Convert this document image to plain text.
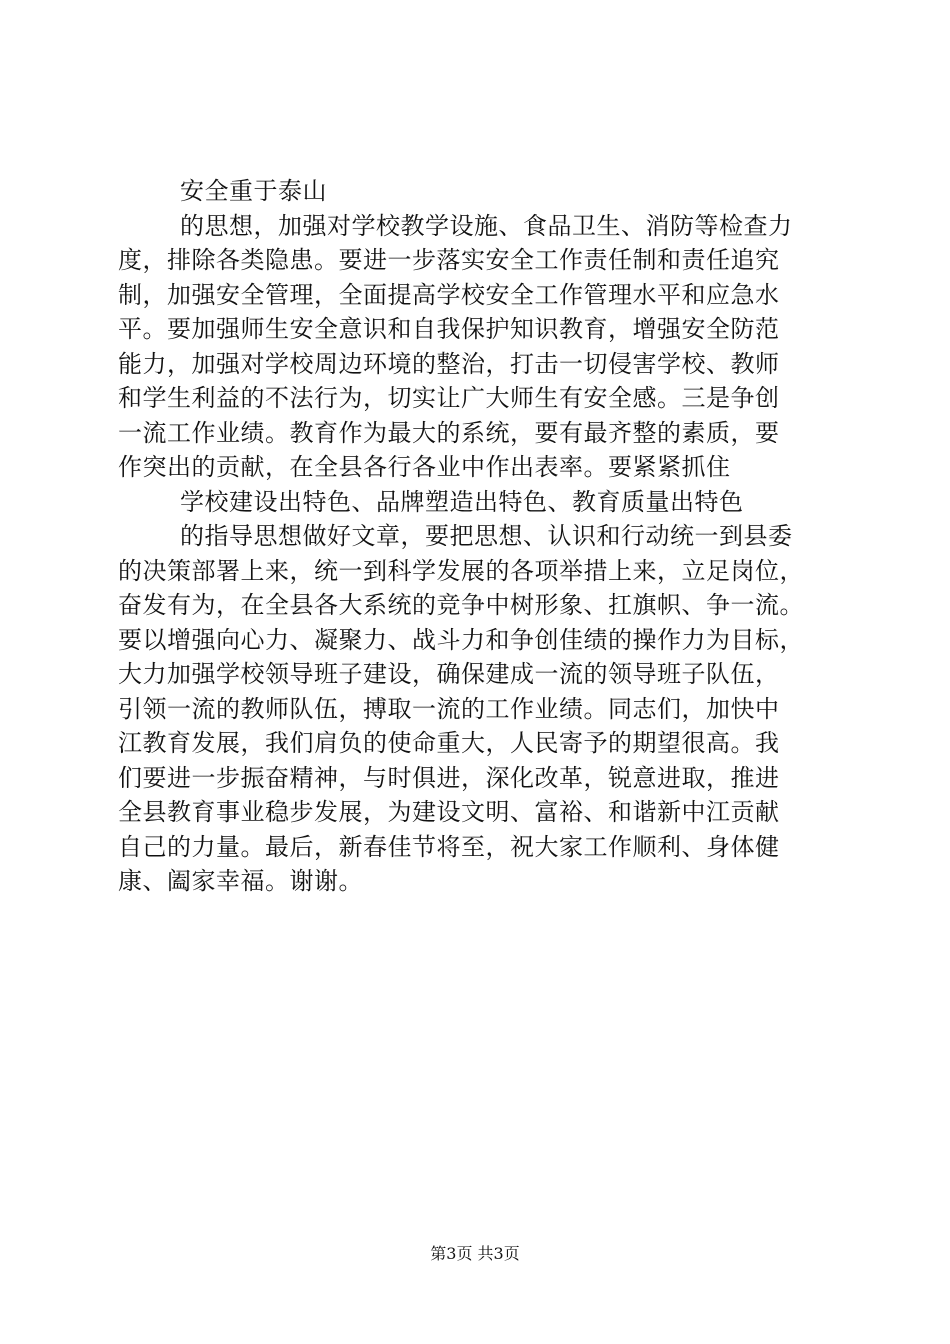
安全重于泰山
的思想，加强对学校教学设施、食品卫生、消防等检查力
度，排除各类隐患。要进一步落实安全工作责任制和责任追究
制，加强安全管理，全面提高学校安全工作管理水平和应急水
平。要加强师生安全意识和自我保护知识教育，增强安全防范
能力，加强对学校周边环境的整治，打击一切侵害学校、教师
和学生利益的不法行为，切实让广大师生有安全感。三是争创
一流工作业绩。教育作为最大的系统，要有最齐整的素质，要
作突出的贡献，在全县各行各业中作出表率。要紧紧抓住
学校建设出特色、品牌塑造出特色、教育质量出特色
的指导思想做好文章，要把思想、认识和行动统一到县委
的决策部署上来，统一到科学发展的各项举措上来，立足岗位，
奋发有为，在全县各大系统的竞争中树形象、扛旗帜、争一流。
要以增强向心力、凝聚力、战斗力和争创佳绩的操作力为目标，
大力加强学校领导班子建设，确保建成一流的领导班子队伍，
引领一流的教师队伍，搏取一流的工作业绩。同志们，加快中
江教育发展，我们肩负的使命重大，人民寄予的期望很高。我
们要进一步振奋精神，与时俱进，深化改革，锐意进取，推进
全县教育事业稳步发展，为建设文明、富裕、和谐新中江贡献
自己的力量。最后，新春佳节将至，祝大家工作顺利、身体健
康、阖家幸福。谢谢。
第3页 共3页
